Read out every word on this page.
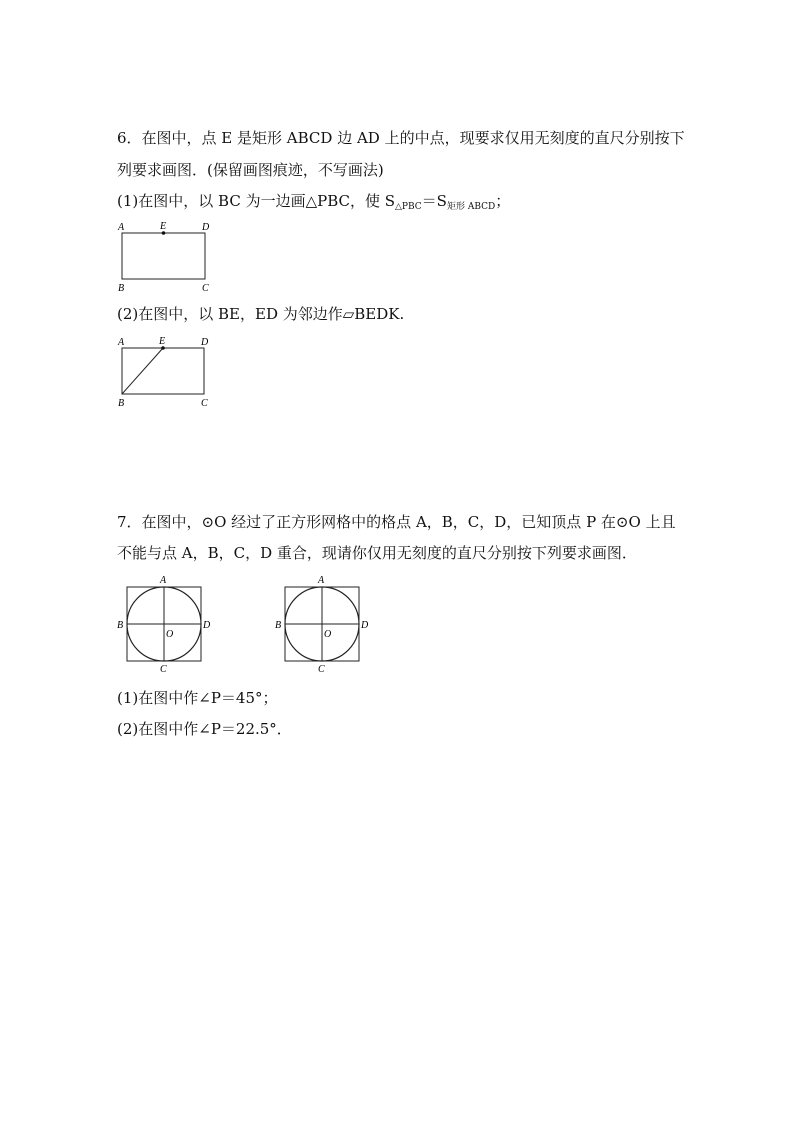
6．在图中，点 E 是矩形 ABCD 边 AD 上的中点，现要求仅用无刻度的直尺分别按下
列要求画图．(保留画图痕迹，不写画法)
(1)在图中，以 BC 为一边画△PBC，使 $S_{\triangle PBC}=S_{矩形 ABCD}$；
A	E	D
B	C
(2)在图中，以 BE，ED 为邻边作▱BEDK.
A	E	D
B	C
7．在图中，⊙O 经过了正方形网格中的格点 A，B，C，D，已知顶点 P 在⊙O 上且
不能与点 A，B，C，D 重合，现请你仅用无刻度的直尺分别按下列要求画图．
A
B
O
D
C
A
B
O
D
C
(1)在图中作∠P＝45°；
(2)在图中作∠P＝22.5°．
